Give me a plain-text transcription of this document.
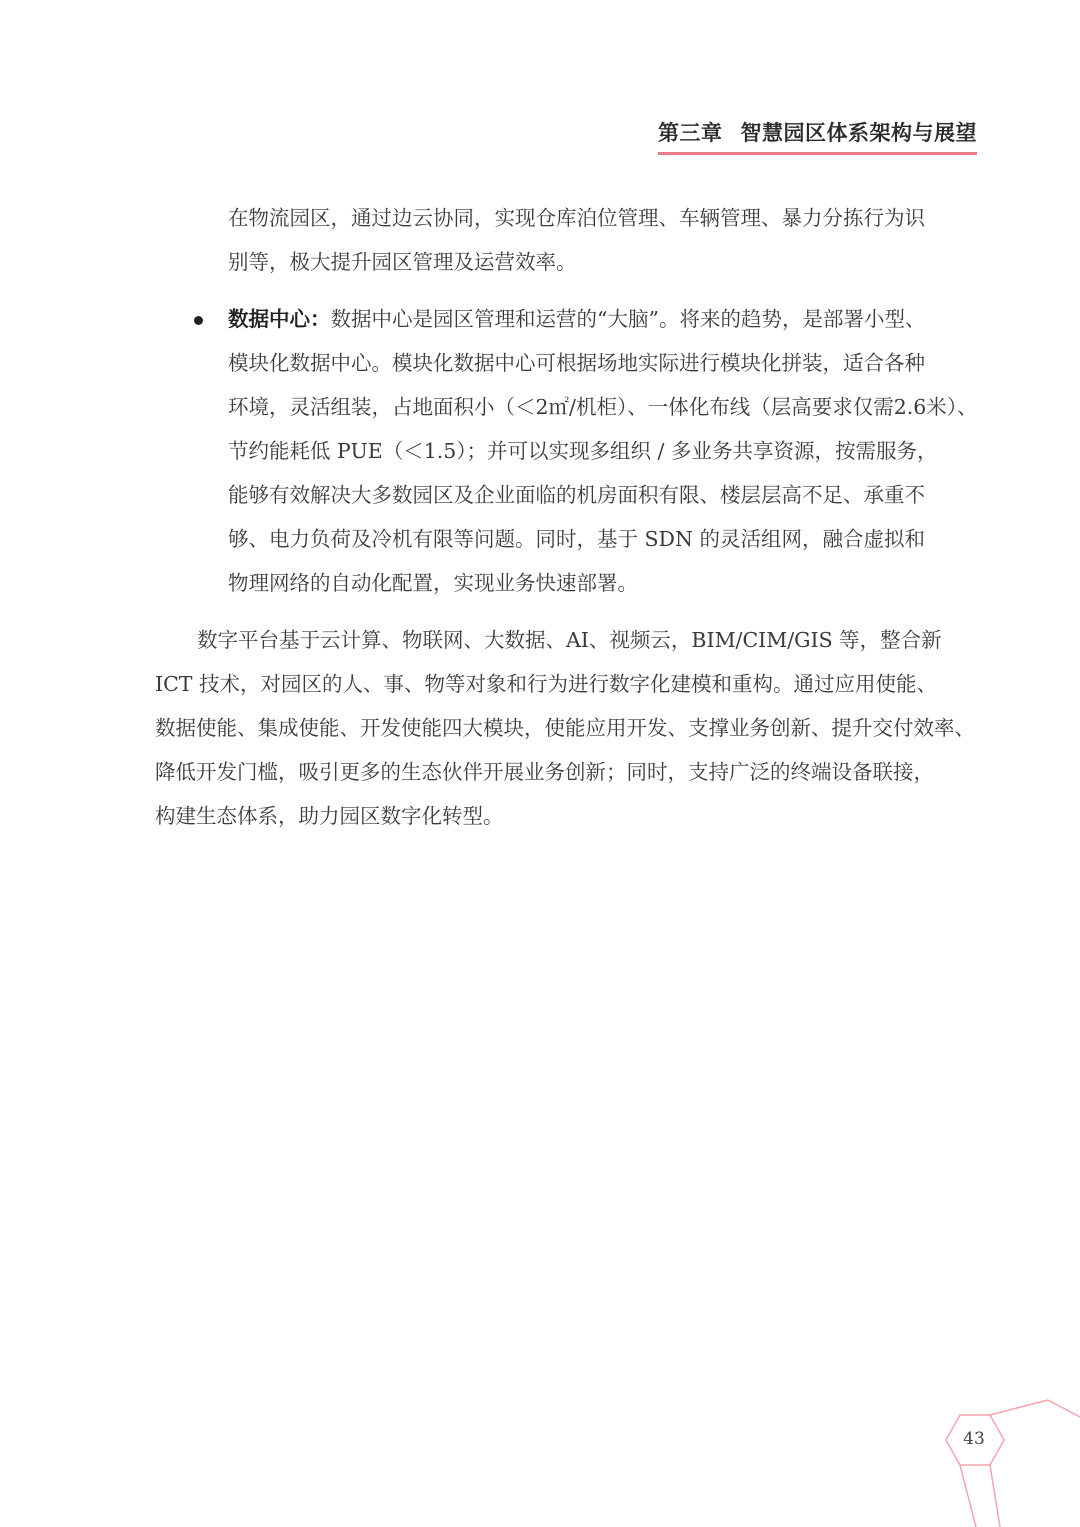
第三章 智慧园区体系架构与展望
在物流园区，通过边云协同，实现仓库泊位管理、车辆管理、暴力分拣行为识
别等，极大提升园区管理及运营效率。
数据中心：数据中心是园区管理和运营的“大脑”。将来的趋势，是部署小型、
模块化数据中心。模块化数据中心可根据场地实际进行模块化拼装，适合各种
环境，灵活组装，占地面积小（＜2㎡/机柜）、一体化布线（层高要求仅需2.6米）、
节约能耗低 PUE（＜1.5）；并可以实现多组织 / 多业务共享资源，按需服务，
能够有效解决大多数园区及企业面临的机房面积有限、楼层层高不足、承重不
够、电力负荷及冷机有限等问题。同时，基于 SDN 的灵活组网，融合虚拟和
物理网络的自动化配置，实现业务快速部署。
数字平台基于云计算、物联网、大数据、AI、视频云，BIM/CIM/GIS 等，整合新
ICT 技术，对园区的人、事、物等对象和行为进行数字化建模和重构。通过应用使能、
数据使能、集成使能、开发使能四大模块，使能应用开发、支撑业务创新、提升交付效率、
降低开发门槛，吸引更多的生态伙伴开展业务创新；同时，支持广泛的终端设备联接，
构建生态体系，助力园区数字化转型。
43
